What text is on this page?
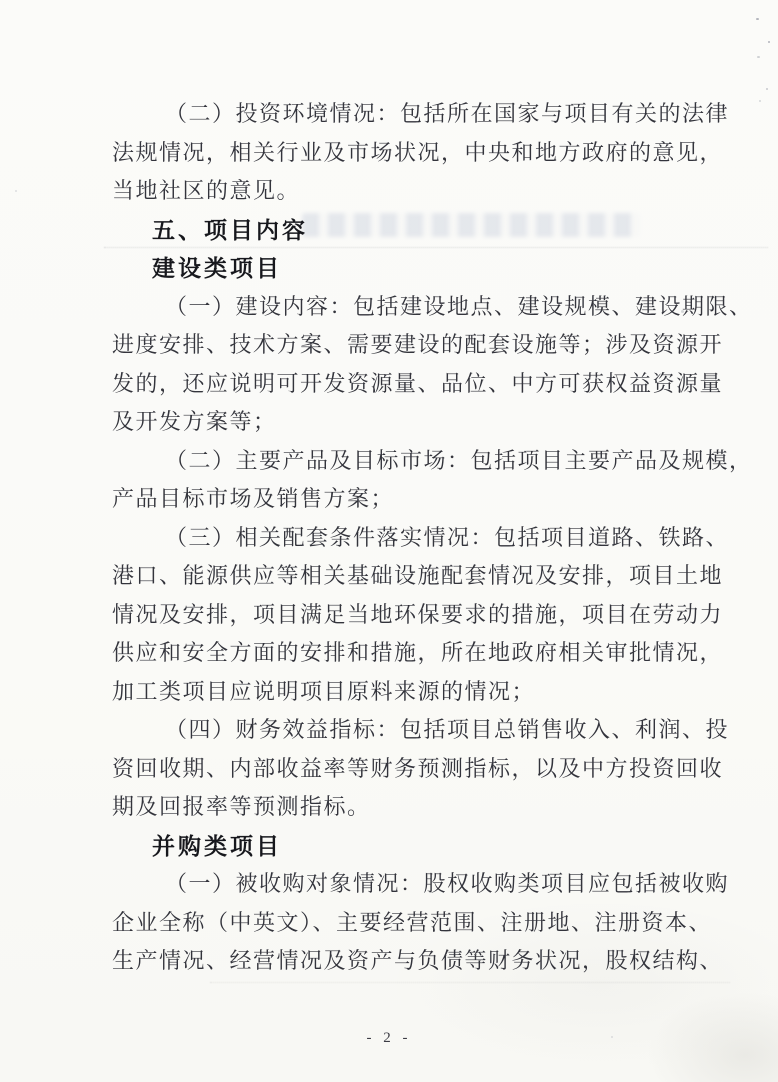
（二）投资环境情况：包括所在国家与项目有关的法律
法规情况，相关行业及市场状况，中央和地方政府的意见，
当地社区的意见。
五、项目内容
建设类项目
（一）建设内容：包括建设地点、建设规模、建设期限、
进度安排、技术方案、需要建设的配套设施等；涉及资源开
发的，还应说明可开发资源量、品位、中方可获权益资源量
及开发方案等；
（二）主要产品及目标市场：包括项目主要产品及规模，
产品目标市场及销售方案；
（三）相关配套条件落实情况：包括项目道路、铁路、
港口、能源供应等相关基础设施配套情况及安排，项目土地
情况及安排，项目满足当地环保要求的措施，项目在劳动力
供应和安全方面的安排和措施，所在地政府相关审批情况，
加工类项目应说明项目原料来源的情况；
（四）财务效益指标：包括项目总销售收入、利润、投
资回收期、内部收益率等财务预测指标，以及中方投资回收
期及回报率等预测指标。
并购类项目
（一）被收购对象情况：股权收购类项目应包括被收购
企业全称（中英文）、主要经营范围、注册地、注册资本、
生产情况、经营情况及资产与负债等财务状况，股权结构、
- 2 -
